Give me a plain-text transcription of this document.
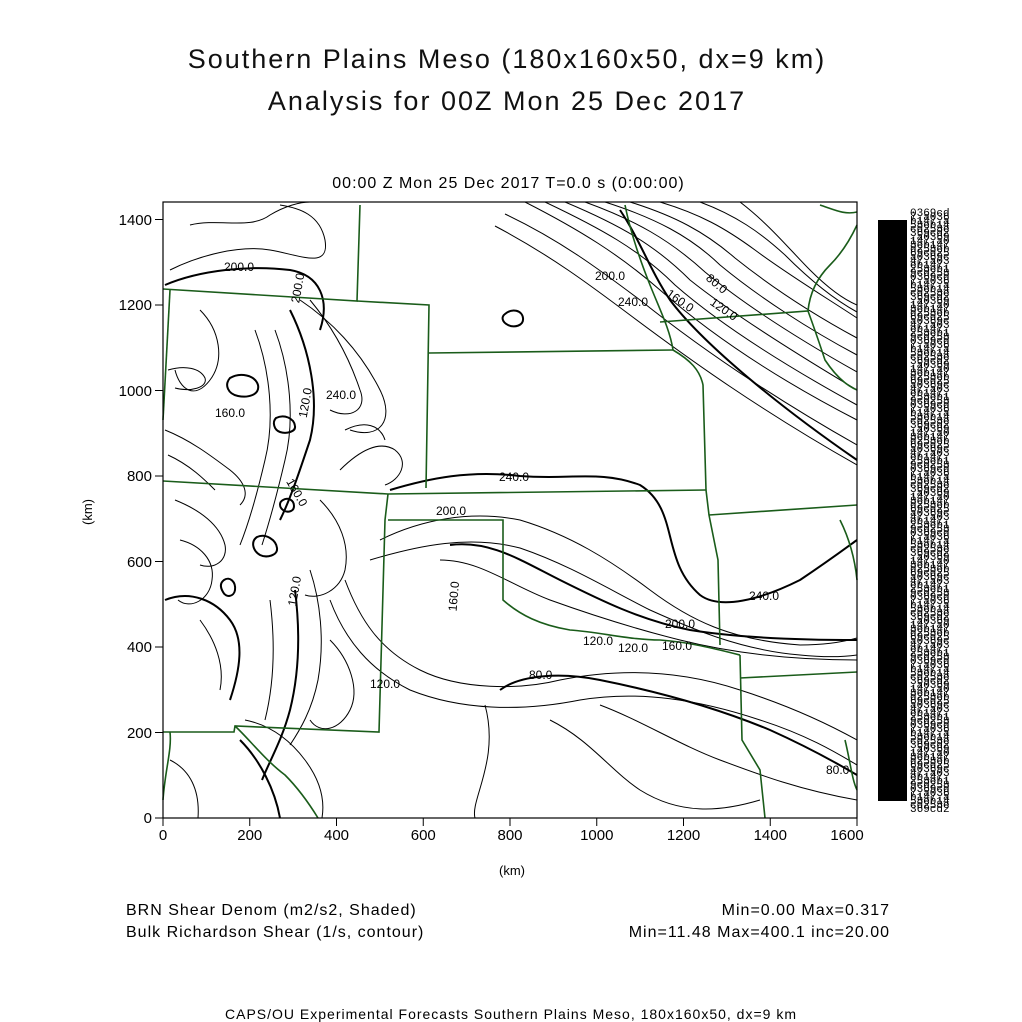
Southern Plains Meso (180x160x50, dx=9 km)
Analysis for 00Z Mon 25 Dec 2017
00:00 Z Mon 25 Dec 2017 T=0.0 s (0:00:00)
200.0
240.0
160.0	120.0
80.0
200.0
160.0 120.0
240.0
200.0
240.0
160.0
200.0
120.0	240.0
200.0
160.0
120.0
160.0
120.0
80.0
120.0
80.0
0	200	400	600	800	1000	1200	1400	1600
(km)
0
200
400
600
800
1000
1200
1400
(km)
0369cd
7.a036
b147.a
58eb14
cd258e
369cd2
.a0369
147.a0
8eb147
d258eb
69cd25
a0369c
47.a03
eb147.
258eb1
9cd258
0369cd
7.a036
b147.a
58eb14
cd258e
369cd2
.a0369
147.a0
8eb147
d258eb
69cd25
a0369c
47.a03
eb147.
258eb1
9cd258
0369cd
7.a036
b147.a
58eb14
cd258e
369cd2
.a0369
147.a0
8eb147
d258eb
69cd25
a0369c
47.a03
eb147.
258eb1
9cd258
0369cd
7.a036
b147.a
58eb14
cd258e
369cd2
.a0369
147.a0
8eb147
d258eb
69cd25
a0369c
47.a03
eb147.
258eb1
9cd258
0369cd
7.a036
b147.a
58eb14
cd258e
369cd2
.a0369
147.a0
8eb147
d258eb
69cd25
a0369c
47.a03
eb147.
258eb1
9cd258
0369cd
7.a036
b147.a
58eb14
cd258e
369cd2
.a0369
147.a0
8eb147
d258eb
69cd25
a0369c
47.a03
eb147.
258eb1
9cd258
0369cd
7.a036
b147.a
58eb14
cd258e
369cd2
.a0369
147.a0
8eb147
d258eb
69cd25
a0369c
47.a03
eb147.
258eb1
9cd258
0369cd
7.a036
b147.a
58eb14
cd258e
369cd2
.a0369
147.a0
8eb147
d258eb
69cd25
a0369c
47.a03
eb147.
258eb1
9cd258
0369cd
7.a036
b147.a
58eb14
cd258e
369cd2
.a0369
147.a0
8eb147
d258eb
69cd25
a0369c
47.a03
eb147.
258eb1
9cd258
0369cd
7.a036
b147.a
58eb14
cd258e
369cd2

BRN Shear Denom (m2/s2, Shaded)
Bulk Richardson Shear (1/s, contour)
Min=0.00 Max=0.317
Min=11.48 Max=400.1 inc=20.00
CAPS/OU Experimental Forecasts Southern Plains Meso, 180x160x50, dx=9 km
